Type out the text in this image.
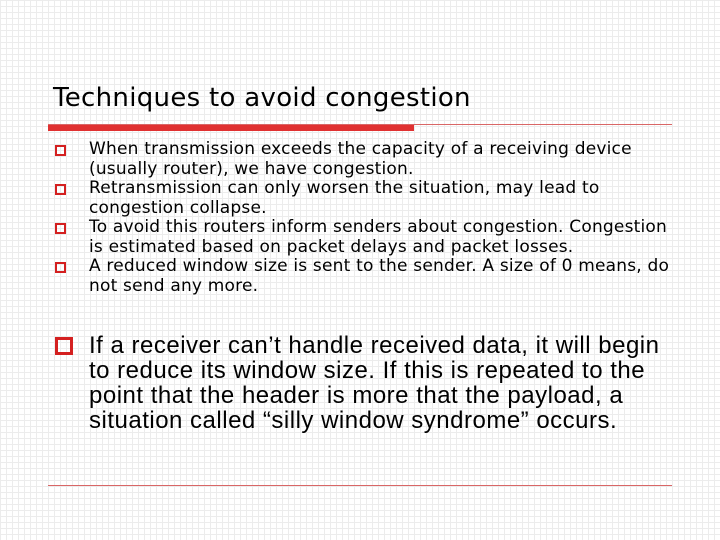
Techniques to avoid congestion
When transmission exceeds the capacity of a receiving device (usually router), we have congestion.
Retransmission can only worsen the situation, may lead to congestion collapse.
To avoid this routers inform senders about congestion. Congestion is estimated based on packet delays and packet losses.
A reduced window size is sent to the sender. A size of 0 means, do not send any more.
If a receiver can’t handle received data, it will begin to reduce its window size. If this is repeated to the point that the header is more that the payload, a situation called “silly window syndrome” occurs.
